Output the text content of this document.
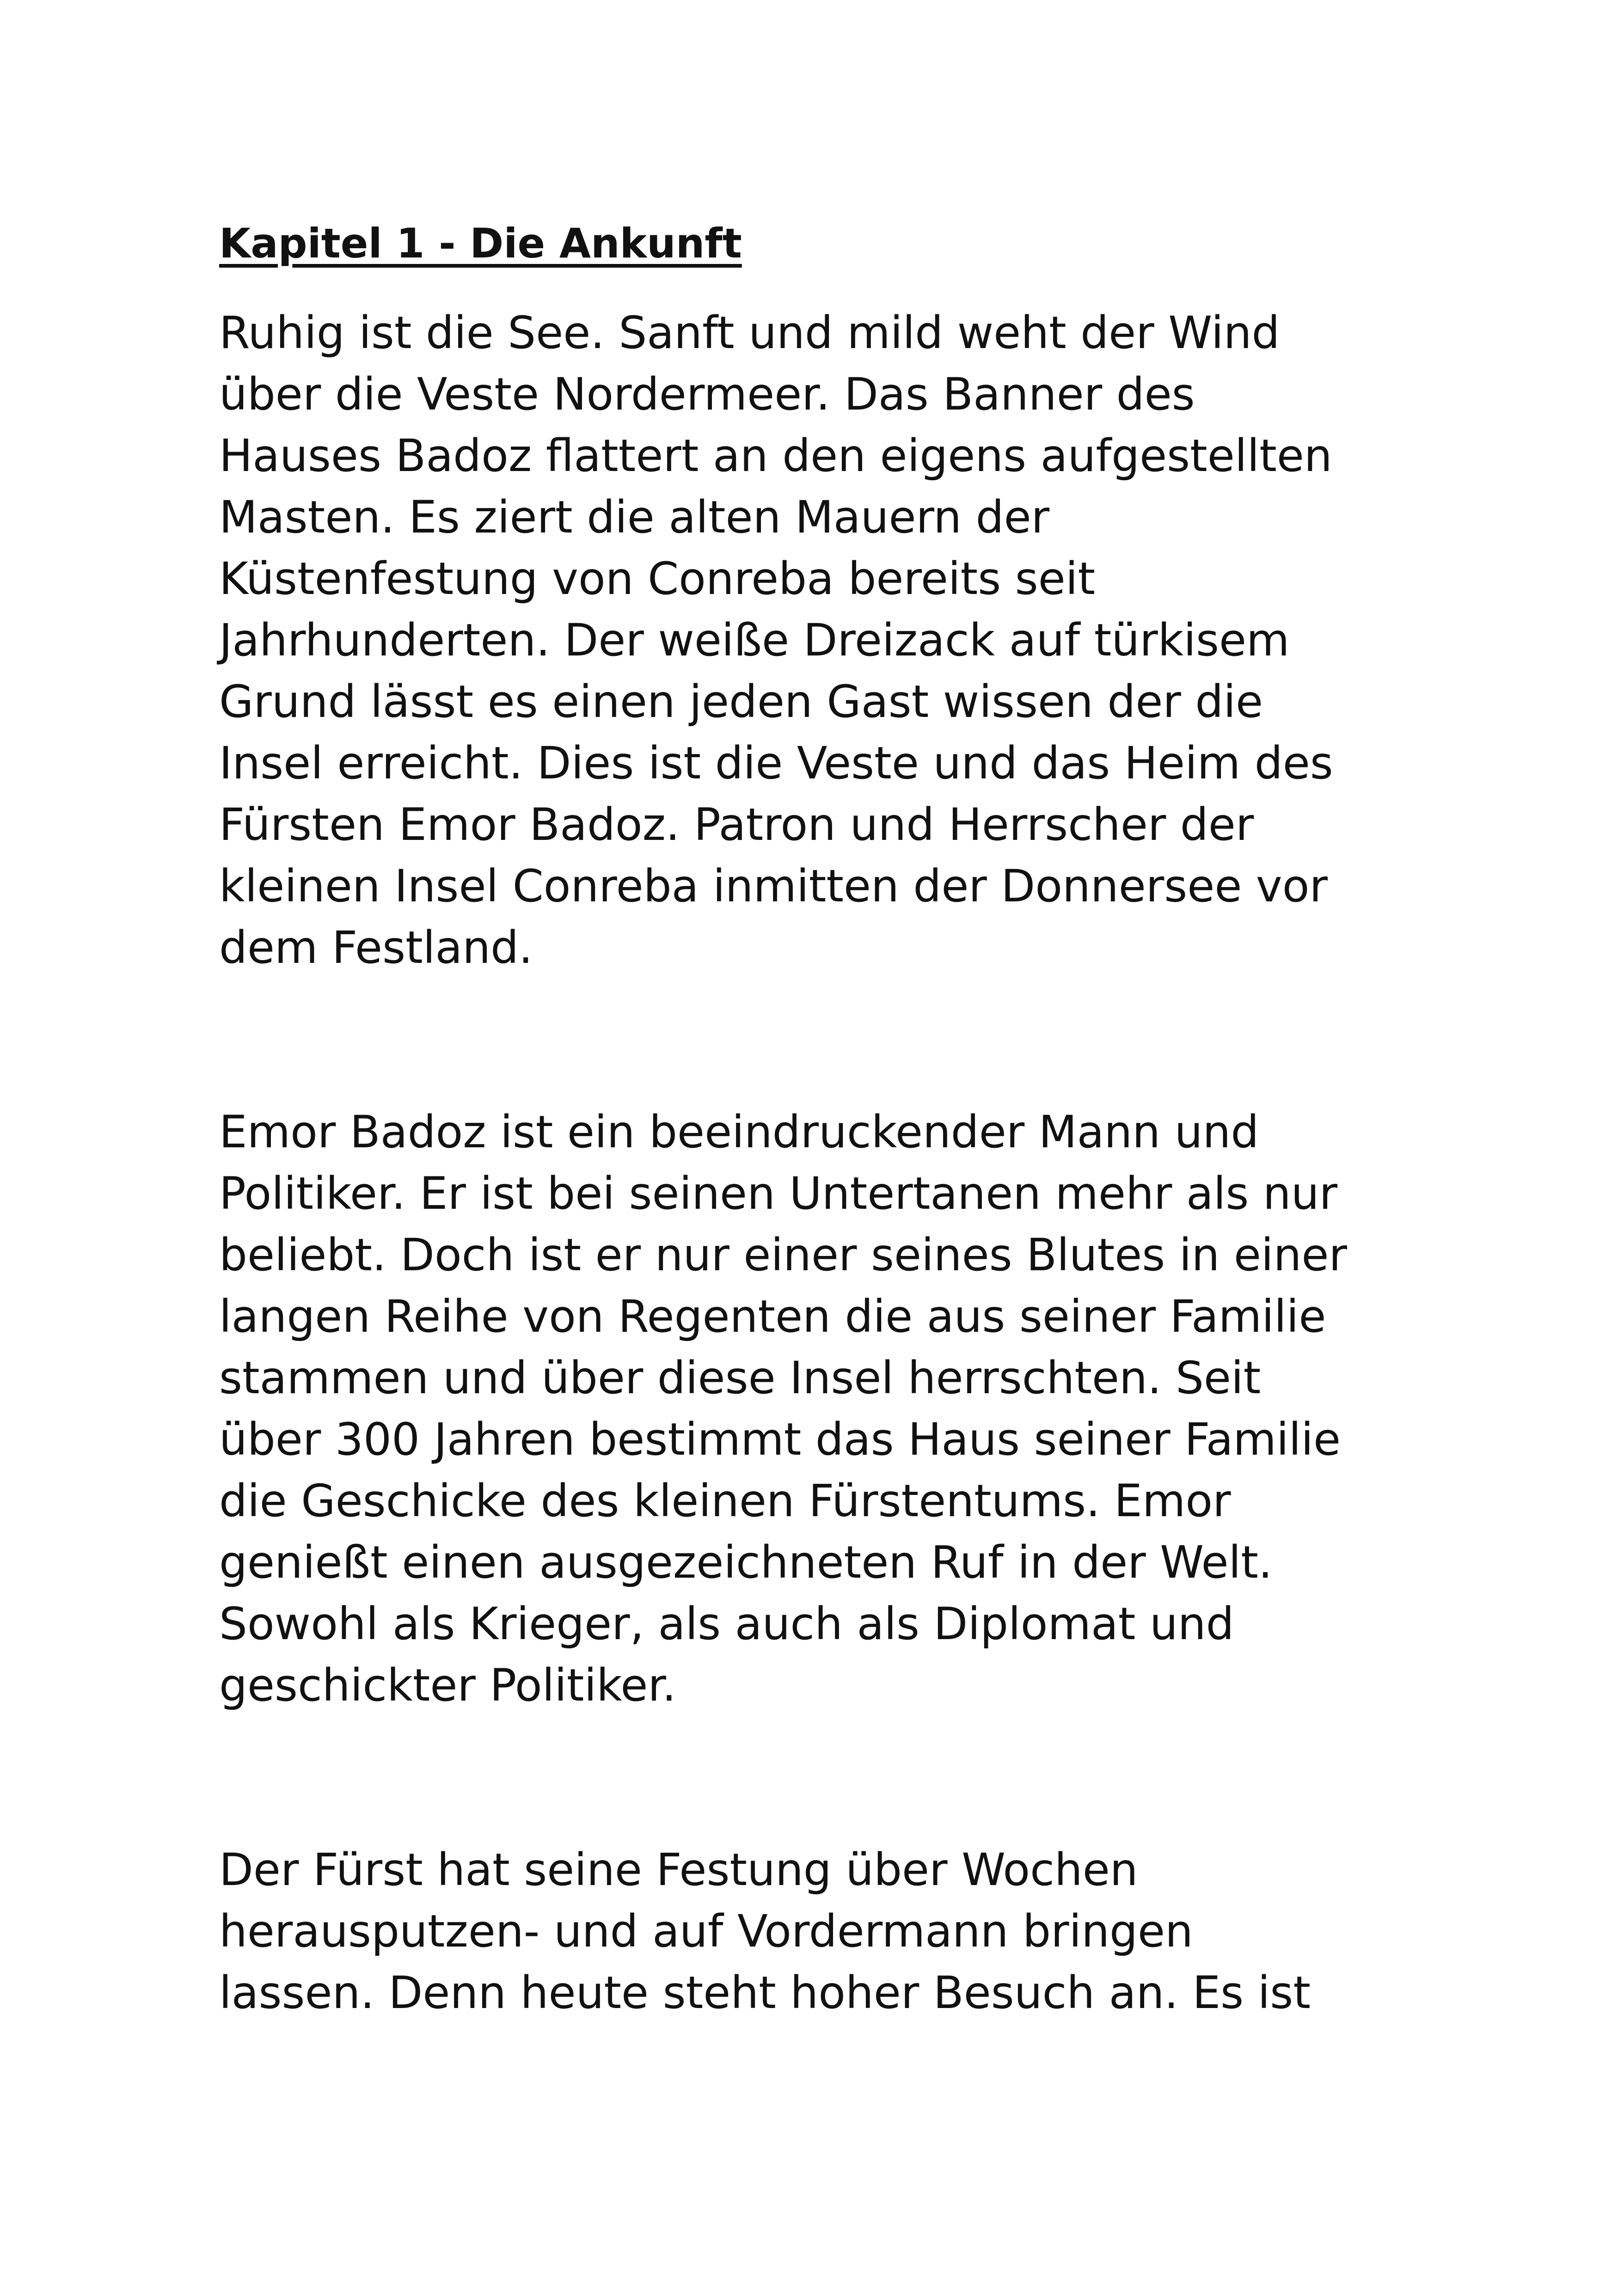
Kapitel 1 - Die Ankunft
Ruhig ist die See. Sanft und mild weht der Wind
über die Veste Nordermeer. Das Banner des
Hauses Badoz flattert an den eigens aufgestellten
Masten. Es ziert die alten Mauern der
Küstenfestung von Conreba bereits seit
Jahrhunderten. Der weiße Dreizack auf türkisem
Grund lässt es einen jeden Gast wissen der die
Insel erreicht. Dies ist die Veste und das Heim des
Fürsten Emor Badoz. Patron und Herrscher der
kleinen Insel Conreba inmitten der Donnersee vor
dem Festland.
Emor Badoz ist ein beeindruckender Mann und
Politiker. Er ist bei seinen Untertanen mehr als nur
beliebt. Doch ist er nur einer seines Blutes in einer
langen Reihe von Regenten die aus seiner Familie
stammen und über diese Insel herrschten. Seit
über 300 Jahren bestimmt das Haus seiner Familie
die Geschicke des kleinen Fürstentums. Emor
genießt einen ausgezeichneten Ruf in der Welt.
Sowohl als Krieger, als auch als Diplomat und
geschickter Politiker.
Der Fürst hat seine Festung über Wochen
herausputzen- und auf Vordermann bringen
lassen. Denn heute steht hoher Besuch an. Es ist
